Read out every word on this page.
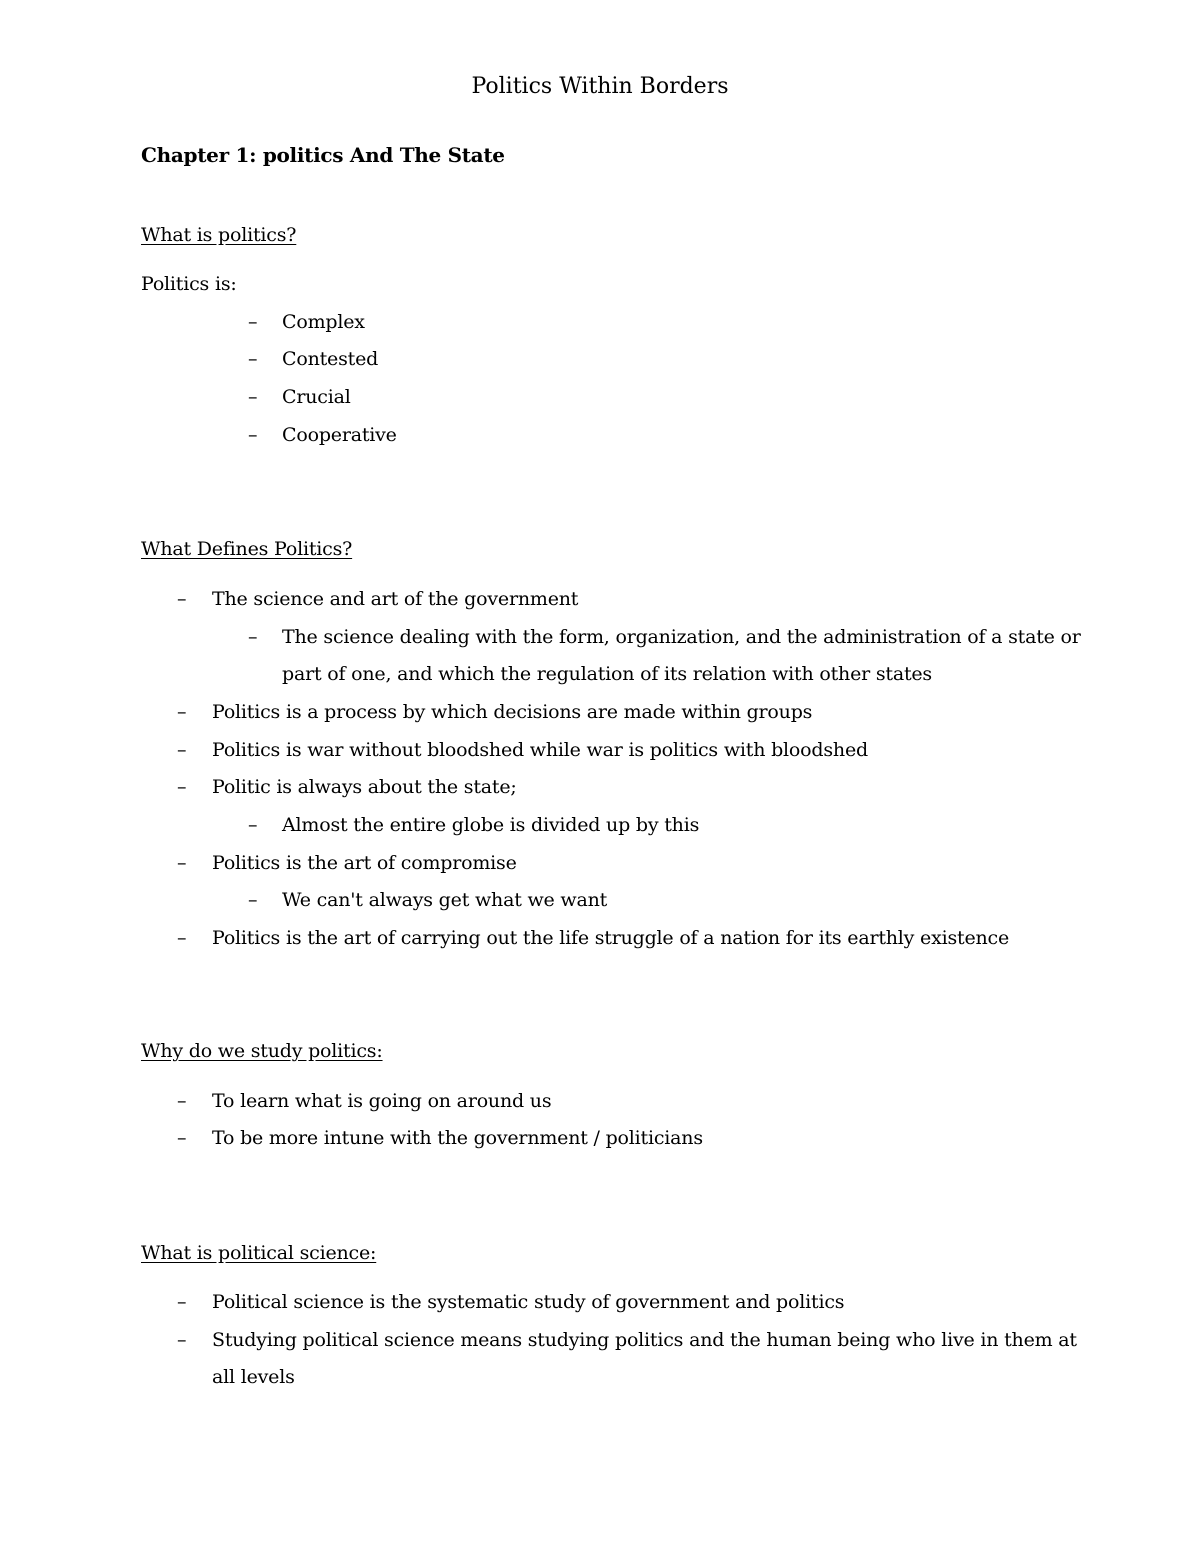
Politics Within Borders
Chapter 1: politics And The State
What is politics?
Politics is:
– Complex
– Contested
– Crucial
– Cooperative
What Defines Politics?
– The science and art of the government
– The science dealing with the form, organization, and the administration of a state or
part of one, and which the regulation of its relation with other states
– Politics is a process by which decisions are made within groups
– Politics is war without bloodshed while war is politics with bloodshed
– Politic is always about the state;
– Almost the entire globe is divided up by this
– Politics is the art of compromise
– We can't always get what we want
– Politics is the art of carrying out the life struggle of a nation for its earthly existence
Why do we study politics:
– To learn what is going on around us
– To be more intune with the government / politicians
What is political science:
– Political science is the systematic study of government and politics
– Studying political science means studying politics and the human being who live in them at
all levels
